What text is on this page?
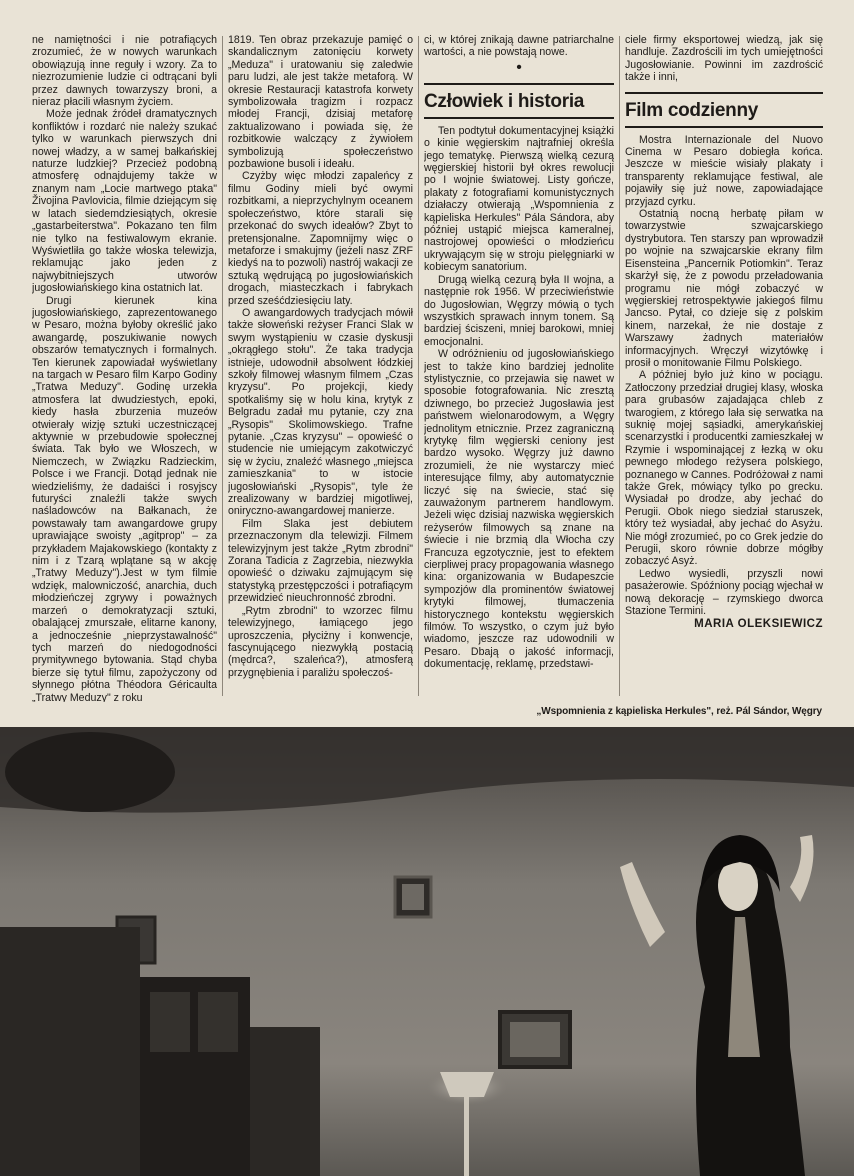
ne namiętności i nie potrafiących zrozumieć, że w nowych warunkach obowiązują inne reguły i wzory. Za to niezrozumienie ludzie ci odtrącani byli przez dawnych towarzyszy broni, a nieraz płacili własnym życiem.

Może jednak źródeł dramatycznych konfliktów i rozdarć nie należy szukać tylko w warunkach pierwszych dni nowej władzy, a w samej bałkańskiej naturze ludzkiej? Przecież podobną atmosferę odnajdujemy także w znanym nam „Locie martwego ptaka" Živojina Pavlovicia, filmie dziejącym się w latach siedemdziesiątych, okresie „gastarbeiterstwa". Pokazano ten film nie tylko na festiwalowym ekranie. Wyświetliła go także włoska telewizja, reklamując jako jeden z najwybitniejszych utworów jugosłowiańskiego kina ostatnich lat.

Drugi kierunek kina jugosłowiańskiego, zaprezentowanego w Pesaro, można byłoby określić jako awangardę, poszukiwanie nowych obszarów tematycznych i formalnych. Ten kierunek zapowiadał wyświetlany na targach w Pesaro film Karpo Godiny „Tratwa Meduzy". Godinę urzekła atmosfera lat dwudziestych, epoki, kiedy hasła zburzenia muzeów otwierały wizję sztuki uczestniczącej aktywnie w przebudowie społecznej świata. Tak było we Włoszech, w Niemczech, w Związku Radzieckim, Polsce i we Francji. Dotąd jednak nie wiedzieliśmy, że dadaiści i rosyjscy futuryści znaleźli także swych naśladowców na Bałkanach, że powstawały tam awangardowe grupy uprawiające swoisty „agitprop" – za przykładem Majakowskiego (kontakty z nim i z Tzarą wplątane są w akcję „Tratwy Meduzy").Jest w tym filmie wdzięk, malowniczość, anarchia, duch młodzieńczej zgrywy i poważnych marzeń o demokratyzacji sztuki, obalającej zmurszałe, elitarne kanony, a jednocześnie „nieprzystawalność" tych marzeń do niedogodności prymitywnego bytowania. Stąd chyba bierze się tytuł filmu, zapożyczony od słynnego płótna Théodora Géricaulta „Tratwy Meduzy" z roku

1819. Ten obraz przekazuje pamięć o skandalicznym zatonięciu korwety „Meduza" i uratowaniu się zaledwie paru ludzi, ale jest także metaforą. W okresie Restauracji katastrofa korwety symbolizowała tragizm i rozpacz młodej Francji, dzisiaj metaforę zaktualizowano i powiada się, że rozbitkowie walczący z żywiołem symbolizują społeczeństwo pozbawione busoli i ideału.

Czyżby więc młodzi zapaleńcy z filmu Godiny mieli być owymi rozbitkami, a nieprzychylnym oceanem społeczeństwo, które starali się przekonać do swych ideałów? Zbyt to pretensjonalne. Zapomnijmy więc o metaforze i smakujmy (jeżeli nasz ZRF kiedyś na to pozwoli) nastrój wakacji ze sztuką wędrującą po jugosłowiańskich drogach, miasteczkach i fabrykach przed sześćdziesięciu laty.

O awangardowych tradycjach mówił także słoweński reżyser Franci Slak w swym wystąpieniu w czasie dyskusji „okrągłego stołu". Że taka tradycja istnieje, udowodnił absolwent łódzkiej szkoły filmowej własnym filmem „Czas kryzysu". Po projekcji, kiedy spotkaliśmy się w holu kina, krytyk z Belgradu zadał mu pytanie, czy zna „Rysopis" Skolimowskiego. Trafne pytanie. „Czas kryzysu" – opowieść o studencie nie umiejącym zakotwiczyć się w życiu, znaleźć własnego „miejsca zamieszkania" to w istocie jugosłowiański „Rysopis", tyle że zrealizowany w bardziej migotliwej, oniryczno-awangardowej manierze.

Film Slaka jest debiutem przeznaczonym dla telewizji. Filmem telewizyjnym jest także „Rytm zbrodni" Zorana Tadicia z Zagrzebia, niezwykła opowieść o dziwaku zajmującym się statystyką przestępczości i potrafiącym przewidzieć nieuchronność zbrodni.

„Rytm zbrodni" to wzorzec filmu telewizyjnego, łamiącego jego uproszczenia, płyciżny i konwencje, fascynującego niezwykłą postacią (mędrca?, szaleńca?), atmosferą przygnębienia i paraliżu społeczoś-

ci, w której znikają dawne patriarchalne wartości, a nie powstają nowe.

•
Człowiek i historia

Ten podtytuł dokumentacyjnej książki o kinie węgierskim najtrafniej określa jego tematykę. Pierwszą wielką cezurą węgierskiej historii był okres rewolucji po I wojnie światowej. Listy gończe, plakaty z fotografiami komunistycznych działaczy otwierają „Wspomnienia z kąpieliska Herkules" Pála Sándora, aby później ustąpić miejsca kameralnej, nastrojowej opowieści o młodzieńcu ukrywającym się w stroju pielęgniarki w kobiecym sanatorium.

Drugą wielką cezurą była II wojna, a następnie rok 1956. W przeciwieństwie do Jugosłowian, Węgrzy mówią o tych wszystkich sprawach innym tonem. Są bardziej ściszeni, mniej barokowi, mniej emocjonalni.

W odróżnieniu od jugosłowiańskiego jest to także kino bardziej jednolite stylistycznie, co przejawia się nawet w sposobie fotografowania. Nic zresztą dziwnego, bo przecież Jugosławia jest państwem wielonarodowym, a Węgry jednolitym etnicznie. Przez zagraniczną krytykę film węgierski ceniony jest bardzo wysoko. Węgrzy już dawno zrozumieli, że nie wystarczy mieć interesujące filmy, aby automatycznie liczyć się na świecie, stać się zauważonym partnerem handlowym. Jeżeli więc dzisiaj nazwiska węgierskich reżyserów filmowych są znane na świecie i nie brzmią dla Włocha czy Francuza egzotycznie, jest to efektem cierpliwej pracy propagowania własnego kina: organizowania w Budapeszcie sympozjów dla prominentów światowej krytyki filmowej, tłumaczenia historycznego kontekstu węgierskich filmów. To wszystko, o czym już było wiadomo, jeszcze raz udowodnili w Pesaro. Dbają o jakość informacji, dokumentację, reklamę, przedstawi-

ciele firmy eksportowej wiedzą, jak się handluje. Zazdrościli im tych umiejętności Jugosłowianie. Powinni im zazdrościć także i inni,

Film codzienny

Mostra Internazionale del Nuovo Cinema w Pesaro dobiegła końca. Jeszcze w mieście wisiały plakaty i transparenty reklamujące festiwal, ale pojawiły się już nowe, zapowiadające przyjazd cyrku.

Ostatnią nocną herbatę piłam w towarzystwie szwajcarskiego dystrybutora. Ten starszy pan wprowadził po wojnie na szwajcarskie ekrany film Eisensteina „Pancernik Potiomkin". Teraz skarżył się, że z powodu przeładowania programu nie mógł zobaczyć w węgierskiej retrospektywie jakiegoś filmu Jancso. Pytał, co dzieje się z polskim kinem, narzekał, że nie dostaje z Warszawy żadnych materiałów informacyjnych. Wręczył wizytówkę i prosił o monitowanie Filmu Polskiego.

A później było już kino w pociągu. Zatłoczony przedział drugiej klasy, włoska para grubasów zajadająca chleb z twarogiem, z którego lała się serwatka na suknię mojej sąsiadki, amerykańskiej scenarzystki i producentki zamieszkałej w Rzymie i wspominającej z łezką w oku pewnego młodego reżysera polskiego, poznanego w Cannes. Podróżował z nami także Grek, mówiący tylko po grecku. Wysiadał po drodze, aby jechać do Perugii. Obok niego siedział staruszek, który też wysiadał, aby jechać do Asyżu. Nie mógł zrozumieć, po co Grek jedzie do Perugii, skoro równie dobrze mógłby zobaczyć Asyż.

Ledwo wysiedli, przyszli nowi pasażerowie. Spóźniony pociąg wjechał w nową dekorację – rzymskiego dworca Stazione Termini.

MARIA OLEKSIEWICZ

„Wspomnienia z kąpieliska Herkules", reż. Pál Sándor, Węgry
